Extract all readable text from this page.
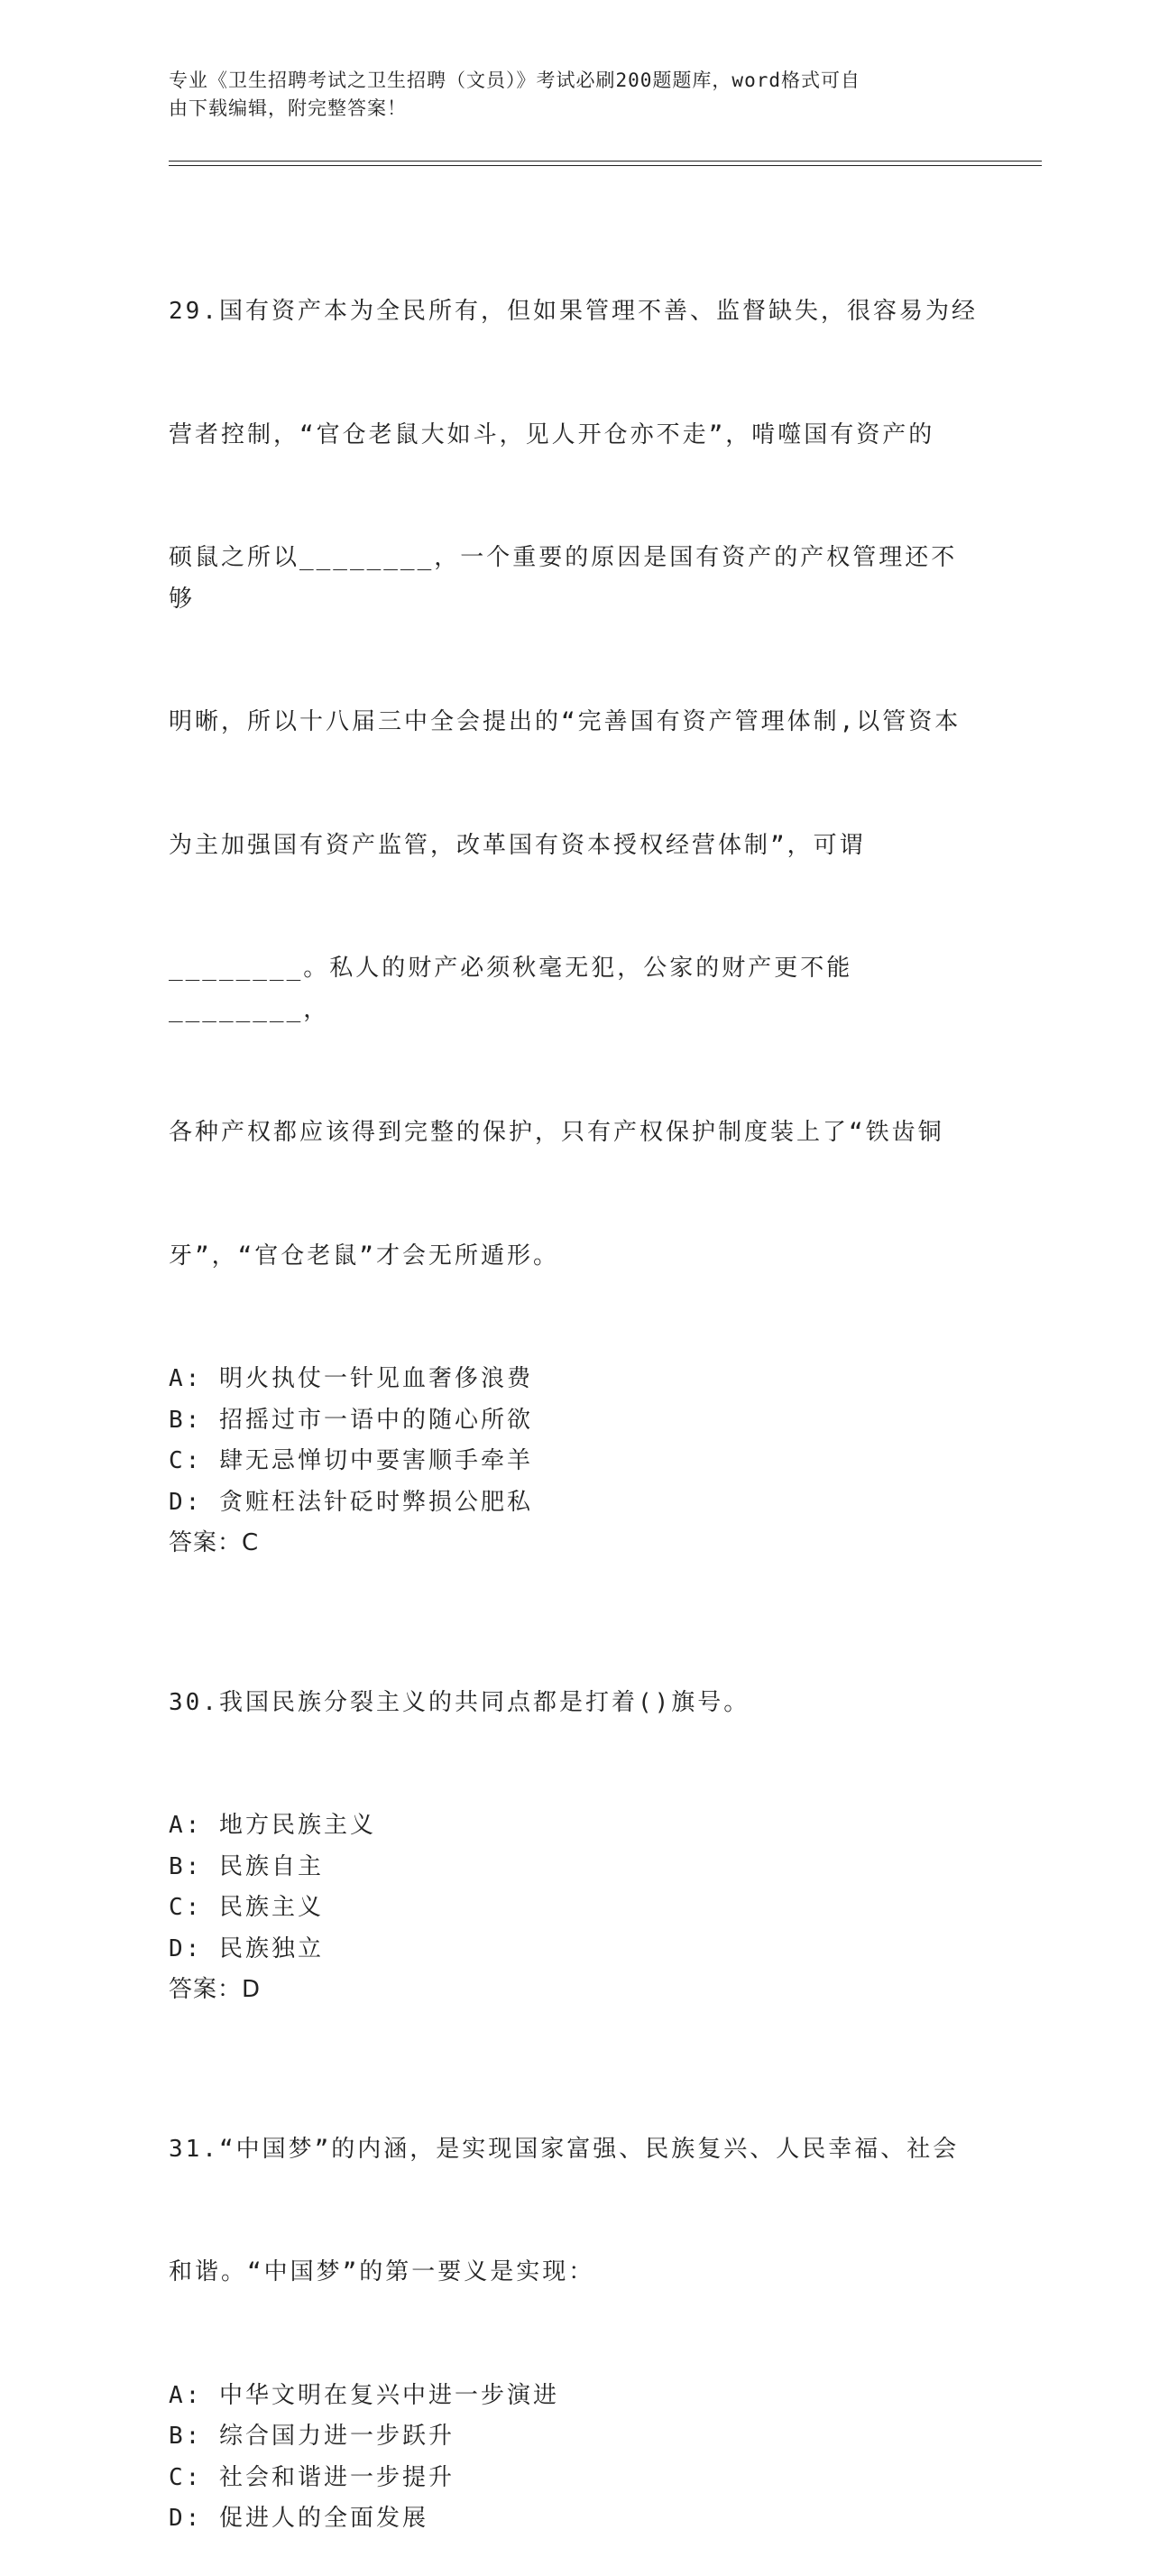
专业《卫生招聘考试之卫生招聘（文员）》考试必刷200题题库，word格式可自
由下载编辑，附完整答案！

29.国有资产本为全民所有，但如果管理不善、监督缺失，很容易为经

营者控制，“官仓老鼠大如斗，见人开仓亦不走”，啃噬国有资产的

硕鼠之所以________，一个重要的原因是国有资产的产权管理还不够

明晰，所以十八届三中全会提出的“完善国有资产管理体制,以管资本

为主加强国有资产监管，改革国有资本授权经营体制”，可谓

________。私人的财产必须秋毫无犯，公家的财产更不能________，

各种产权都应该得到完整的保护，只有产权保护制度装上了“铁齿铜

牙”，“官仓老鼠”才会无所遁形。

A: 明火执仗一针见血奢侈浪费
B: 招摇过市一语中的随心所欲
C: 肆无忌惮切中要害顺手牵羊
D: 贪赃枉法针砭时弊损公肥私
答案：C

30.我国民族分裂主义的共同点都是打着()旗号。

A: 地方民族主义
B: 民族自主
C: 民族主义
D: 民族独立
答案：D

31.“中国梦”的内涵，是实现国家富强、民族复兴、人民幸福、社会

和谐。“中国梦”的第一要义是实现：

A: 中华文明在复兴中进一步演进
B: 综合国力进一步跃升
C: 社会和谐进一步提升
D: 促进人的全面发展
